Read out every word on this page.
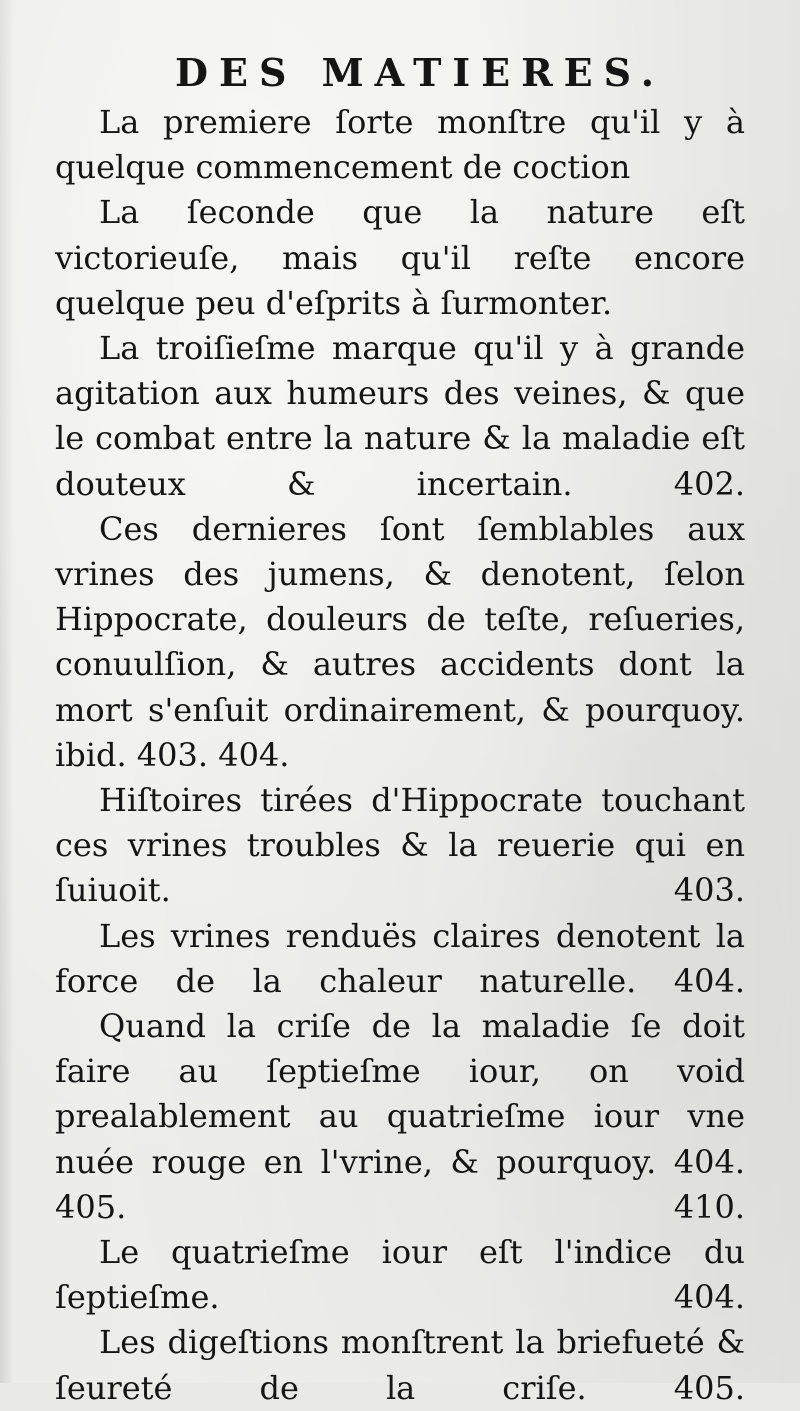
DES MATIERES.

La premiere ſorte monſtre qu'il y à quelque commencement de coction

La ſeconde que la nature eſt victorieuſe, mais qu'il reſte encore quelque peu d'eſprits à ſurmonter.

La troiſieſme marque qu'il y à grande agitation aux humeurs des veines, & que le combat entre la nature & la maladie eſt douteux & incertain.	402.

Ces dernieres ſont ſemblables aux vrines des jumens, & denotent, ſelon Hippocrate, douleurs de teſte, reſueries, conuulſion, & autres accidents dont la mort s'enſuit ordinairement, & pourquoy. ibid. 403. 404.

Hiſtoires tirées d'Hippocrate touchant ces vrines troubles & la reuerie qui en ſuiuoit.	403.

Les vrines renduës claires denotent la force de la chaleur naturelle. 404.

Quand la criſe de la maladie ſe doit faire au ſeptieſme iour, on void prealablement au quatrieſme iour vne nuée rouge en l'vrine, & pourquoy. 404. 405. 410.

Le quatrieſme iour eſt l'indice du ſeptieſme.	404.

Les digeſtions monſtrent la briefueté & ſeureté de la criſe.	405.
